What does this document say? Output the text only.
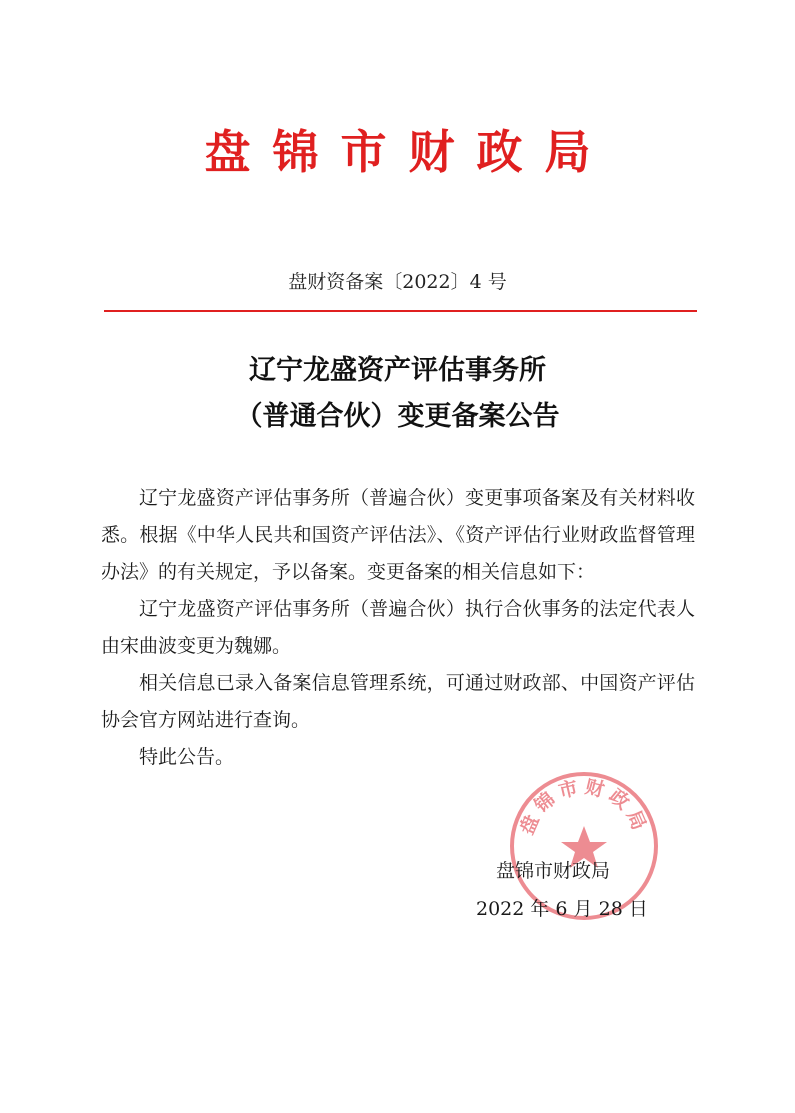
盘锦市财政局
盘财资备案〔2022〕4 号
辽宁龙盛资产评估事务所
（普通合伙）变更备案公告

辽宁龙盛资产评估事务所（普遍合伙）变更事项备案及有关材料收悉。根据《中华人民共和国资产评估法》、《资产评估行业财政监督管理办法》的有关规定，予以备案。变更备案的相关信息如下：

辽宁龙盛资产评估事务所（普遍合伙）执行合伙事务的法定代表人由宋曲波变更为魏娜。

相关信息已录入备案信息管理系统，可通过财政部、中国资产评估协会官方网站进行查询。

特此公告。

盘锦市财政局
盘锦市财政局
2022 年 6 月 28 日
